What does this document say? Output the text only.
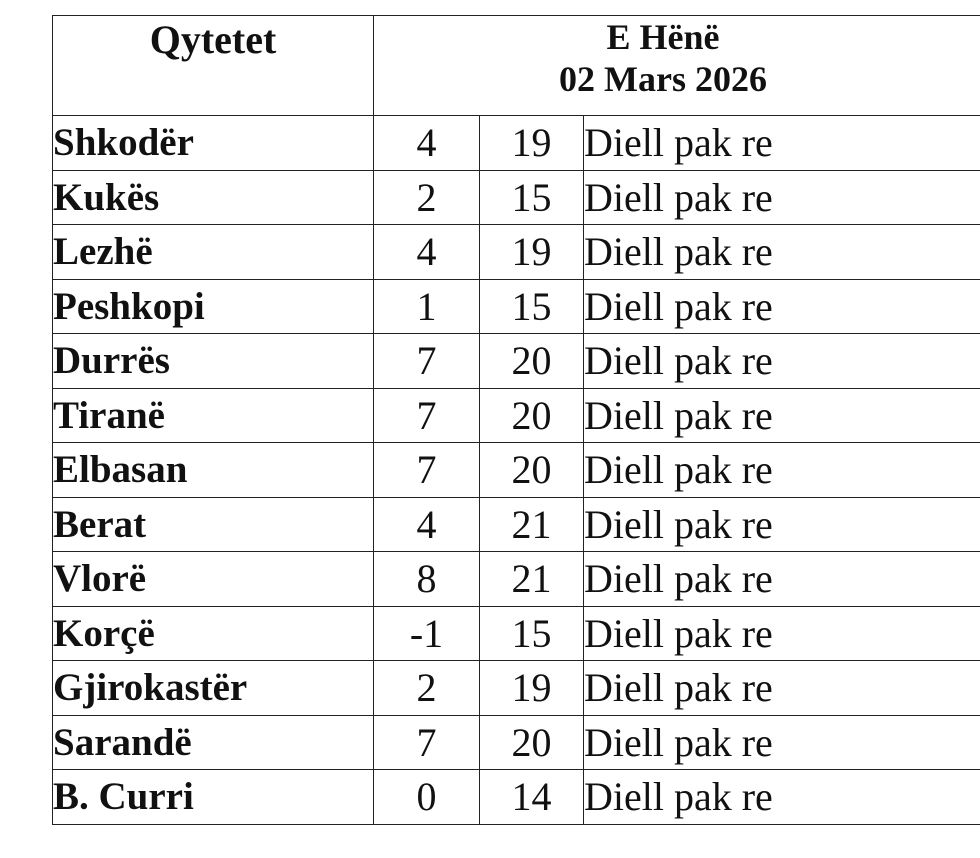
Qytetet	E Hënë
02 Mars 2026		

Shkodër	4	19	Diell pak re
Kukës	2	15	Diell pak re
Lezhë	4	19	Diell pak re
Peshkopi	1	15	Diell pak re
Durrës	7	20	Diell pak re
Tiranë	7	20	Diell pak re
Elbasan	7	20	Diell pak re
Berat	4	21	Diell pak re
Vlorë	8	21	Diell pak re
Korçë	-1	15	Diell pak re
Gjirokastër	2	19	Diell pak re
Sarandë	7	20	Diell pak re
B. Curri	0	14	Diell pak re
